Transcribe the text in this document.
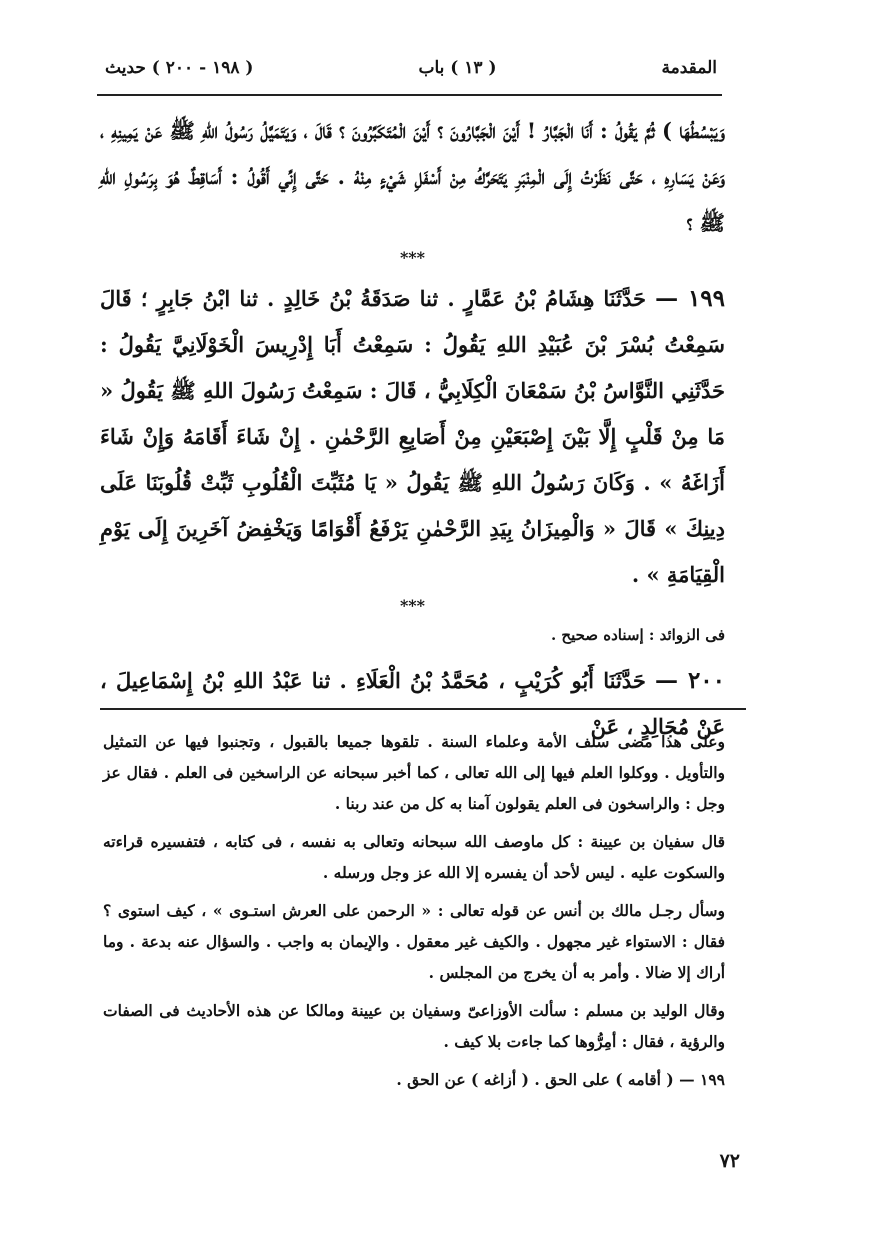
المقدمة
( ١٣ ) باب
( ١٩٨ - ٢٠٠ ) حديث

وَيَبْسُطُهَا ) ثُمَّ يَقُولُ : أَنَا الْجَبَّارُ ! أَيْنَ الْجَبَّارُونَ ؟ أَيْنَ الْمُتَكَبِّرُونَ ؟ قَالَ ، وَيَتَمَيَّلُ رَسُولُ اللهِ ﷺ عَنْ يَمِينِهِ ، وَعَنْ يَسَارِهِ ، حَتَّى نَظَرْتُ إِلَى الْمِنْبَرِ يَتَحَرَّكُ مِنْ أَسْفَلِ شَيْءٍ مِنْهُ . حَتَّى إِنِّي أَقُولُ : أَسَاقِطٌ هُوَ بِرَسُولِ اللهِ ﷺ ؟

***

١٩٩ — حَدَّثَنَا هِشَامُ بْنُ عَمَّارٍ . ثنا صَدَقَةُ بْنُ خَالِدٍ . ثنا ابْنُ جَابِرٍ ؛ قَالَ سَمِعْتُ بُسْرَ بْنَ عُبَيْدِ اللهِ يَقُولُ : سَمِعْتُ أَبَا إِدْرِيسَ الْخَوْلَانِيَّ يَقُولُ : حَدَّثَنِي النَّوَّاسُ بْنُ سَمْعَانَ الْكِلَابِيُّ ، قَالَ : سَمِعْتُ رَسُولَ اللهِ ﷺ يَقُولُ « مَا مِنْ قَلْبٍ إِلَّا بَيْنَ إِصْبَعَيْنِ مِنْ أَصَابِعِ الرَّحْمٰنِ . إِنْ شَاءَ أَقَامَهُ وَإِنْ شَاءَ أَزَاغَهُ » . وَكَانَ رَسُولُ اللهِ ﷺ يَقُولُ « يَا مُثَبِّتَ الْقُلُوبِ ثَبِّتْ قُلُوبَنَا عَلَى دِينِكَ » قَالَ « وَالْمِيزَانُ بِيَدِ الرَّحْمٰنِ يَرْفَعُ أَقْوَامًا وَيَخْفِضُ آخَرِينَ إِلَى يَوْمِ الْقِيَامَةِ » .

***
فى الزوائد : إسناده صحيح .

٢٠٠ — حَدَّثَنَا أَبُو كُرَيْبٍ ، مُحَمَّدُ بْنُ الْعَلَاءِ . ثنا عَبْدُ اللهِ بْنُ إِسْمَاعِيلَ ، عَنْ مُجَالِدٍ ، عَنْ

وعلى هذا مضى سلف الأمة وعلماء السنة . تلقوها جميعا بالقبول ، وتجنبوا فيها عن التمثيل والتأويل . ووكلوا العلم فيها إلى الله تعالى ، كما أخبر سبحانه عن الراسخين فى العلم . فقال عز وجل : والراسخون فى العلم يقولون آمنا به كل من عند ربنا .

قال سفيان بن عيينة : كل ماوصف الله سبحانه وتعالى به نفسه ، فى كتابه ، فتفسيره قراءته والسكوت عليه . ليس لأحد أن يفسره إلا الله عز وجل ورسله .

وسأل رجـل مالك بن أنس عن قوله تعالى : « الرحمن على العرش استـوى » ، كيف استوى ؟ فقال : الاستواء غير مجهول . والكيف غير معقول . والإيمان به واجب . والسؤال عنه بدعة . وما أراك إلا ضالا . وأمر به أن يخرج من المجلس .

وقال الوليد بن مسلم : سألت الأوزاعىّ وسفيان بن عيينة ومالكا عن هذه الأحاديث فى الصفات والرؤية ، فقال : أمِرُّوها كما جاءت بلا كيف .

١٩٩ — ( أقامه ) على الحق . ( أزاغه ) عن الحق .

٧٢
